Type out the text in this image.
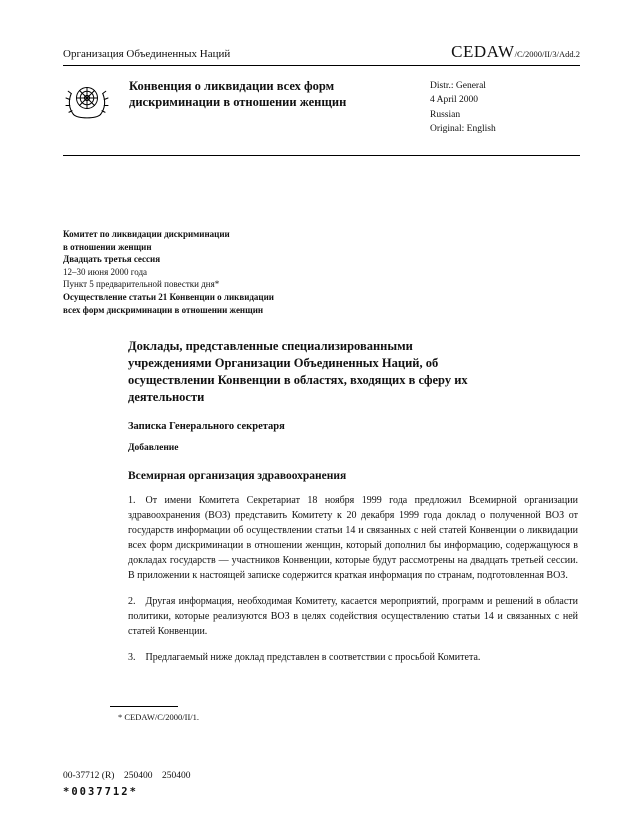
Организация Объединенных Наций	CEDAW/C/2000/II/3/Add.2
Конвенция о ликвидации всех форм дискриминации в отношении женщин
Distr.: General
4 April 2000
Russian
Original: English
Комитет по ликвидации дискриминации
в отношении женщин
Двадцать третья сессия
12–30 июня 2000 года
Пункт 5 предварительной повестки дня*
Осуществление статьи 21 Конвенции о ликвидации
всех форм дискриминации в отношении женщин
Доклады, представленные специализированными учреждениями Организации Объединенных Наций, об осуществлении Конвенции в областях, входящих в сферу их деятельности
Записка Генерального секретаря
Добавление
Всемирная организация здравоохранения

1. От имени Комитета Секретариат 18 ноября 1999 года предложил Всемирной организации здравоохранения (ВОЗ) представить Комитету к 20 декабря 1999 года доклад о полученной ВОЗ от государств информации об осуществлении статьи 14 и связанных с ней статей Конвенции о ликвидации всех форм дискриминации в отношении женщин, который дополнил бы информацию, содержащуюся в докладах государств — участников Конвенции, которые будут рассмотрены на двадцать третьей сессии. В приложении к настоящей записке содержится краткая информация по странам, подготовленная ВОЗ.

2. Другая информация, необходимая Комитету, касается мероприятий, программ и решений в области политики, которые реализуются ВОЗ в целях содействия осуществлению статьи 14 и связанных с ней статей Конвенции.

3. Предлагаемый ниже доклад представлен в соответствии с просьбой Комитета.

* CEDAW/C/2000/II/1.
00-37712 (R)    250400    250400
*0037712*
